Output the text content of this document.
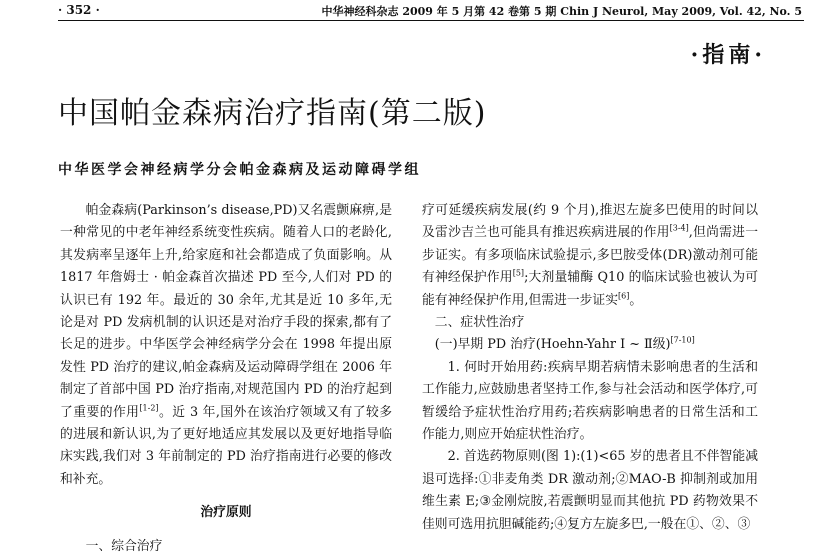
· 352 ·	中华神经科杂志 2009 年 5 月第 42 卷第 5 期 Chin J Neurol, May 2009, Vol. 42, No. 5
·指南·
中国帕金森病治疗指南(第二版)
中华医学会神经病学分会帕金森病及运动障碍学组

帕金森病(Parkinson’s disease,PD)又名震颤麻痹,是一种常见的中老年神经系统变性疾病。随着人口的老龄化,其发病率呈逐年上升,给家庭和社会都造成了负面影响。从 1817 年詹姆士 · 帕金森首次描述 PD 至今,人们对 PD 的认识已有 192 年。最近的 30 余年,尤其是近 10 多年,无论是对 PD 发病机制的认识还是对治疗手段的探索,都有了长足的进步。中华医学会神经病学分会在 1998 年提出原发性 PD 治疗的建议,帕金森病及运动障碍学组在 2006 年制定了首部中国 PD 治疗指南,对规范国内 PD 的治疗起到了重要的作用[1-2]。近 3 年,国外在该治疗领域又有了较多的进展和新认识,为了更好地适应其发展以及更好地指导临床实践,我们对 3 年前制定的 PD 治疗指南进行必要的修改和补充。

治疗原则

一、综合治疗

疗可延缓疾病发展(约 9 个月),推迟左旋多巴使用的时间以及雷沙吉兰也可能具有推迟疾病进展的作用[3-4],但尚需进一步证实。有多项临床试验提示,多巴胺受体(DR)激动剂可能有神经保护作用[5];大剂量辅酶 Q10 的临床试验也被认为可能有神经保护作用,但需进一步证实[6]。

二、症状性治疗

(一)早期 PD 治疗(Hoehn-Yahr Ⅰ ~ Ⅱ级)[7-10]

1. 何时开始用药:疾病早期若病情未影响患者的生活和工作能力,应鼓励患者坚持工作,参与社会活动和医学体疗,可暂缓给予症状性治疗用药;若疾病影响患者的日常生活和工作能力,则应开始症状性治疗。

2. 首选药物原则(图 1):(1)<65 岁的患者且不伴智能减退可选择:①非麦角类 DR 激动剂;②MAO-B 抑制剂或加用维生素 E;③金刚烷胺,若震颤明显而其他抗 PD 药物效果不佳则可选用抗胆碱能药;④复方左旋多巴,一般在①、②、③
